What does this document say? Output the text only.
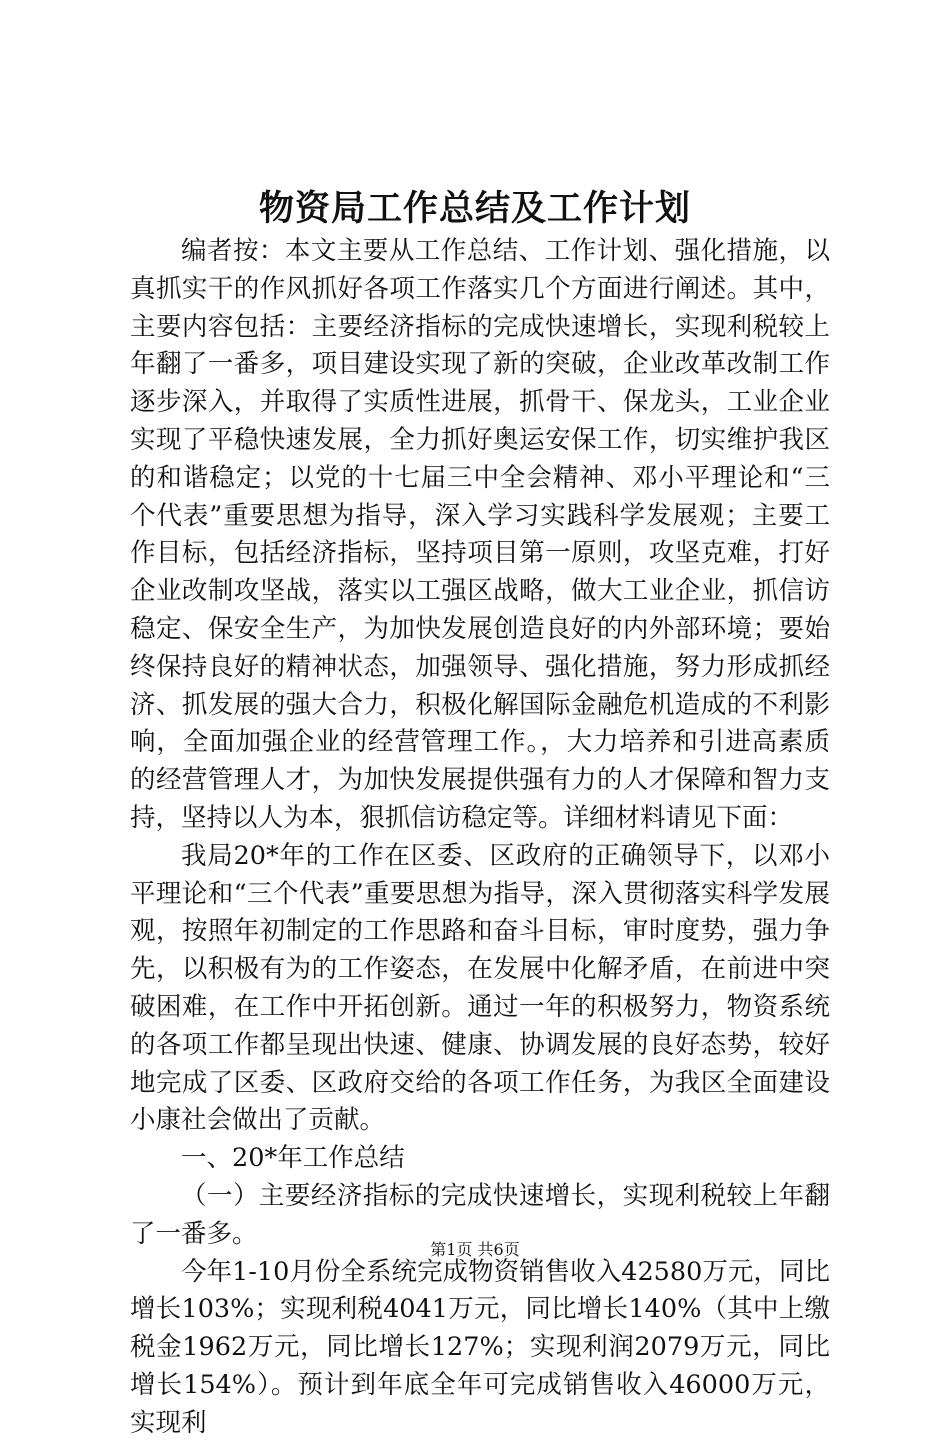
物资局工作总结及工作计划

编者按：本文主要从工作总结、工作计划、强化措施，以真抓实干的作风抓好各项工作落实几个方面进行阐述。其中，主要内容包括：主要经济指标的完成快速增长，实现利税较上年翻了一番多，项目建设实现了新的突破，企业改革改制工作逐步深入，并取得了实质性进展，抓骨干、保龙头，工业企业实现了平稳快速发展，全力抓好奥运安保工作，切实维护我区的和谐稳定；以党的十七届三中全会精神、邓小平理论和“三个代表”重要思想为指导，深入学习实践科学发展观；主要工作目标，包括经济指标，坚持项目第一原则，攻坚克难，打好企业改制攻坚战，落实以工强区战略，做大工业企业，抓信访稳定、保安全生产，为加快发展创造良好的内外部环境；要始终保持良好的精神状态，加强领导、强化措施，努力形成抓经济、抓发展的强大合力，积极化解国际金融危机造成的不利影响，全面加强企业的经营管理工作。，大力培养和引进高素质的经营管理人才，为加快发展提供强有力的人才保障和智力支持，坚持以人为本，狠抓信访稳定等。详细材料请见下面：

我局20*年的工作在区委、区政府的正确领导下，以邓小平理论和“三个代表”重要思想为指导，深入贯彻落实科学发展观，按照年初制定的工作思路和奋斗目标，审时度势，强力争先，以积极有为的工作姿态，在发展中化解矛盾，在前进中突破困难，在工作中开拓创新。通过一年的积极努力，物资系统的各项工作都呈现出快速、健康、协调发展的良好态势，较好地完成了区委、区政府交给的各项工作任务，为我区全面建设小康社会做出了贡献。

一、20*年工作总结

（一）主要经济指标的完成快速增长，实现利税较上年翻了一番多。

今年1-10月份全系统完成物资销售收入42580万元，同比增长103%；实现利税4041万元，同比增长140%（其中上缴税金1962万元，同比增长127%；实现利润2079万元，同比增长154%）。预计到年底全年可完成销售收入46000万元，实现利

第1页 共6页
